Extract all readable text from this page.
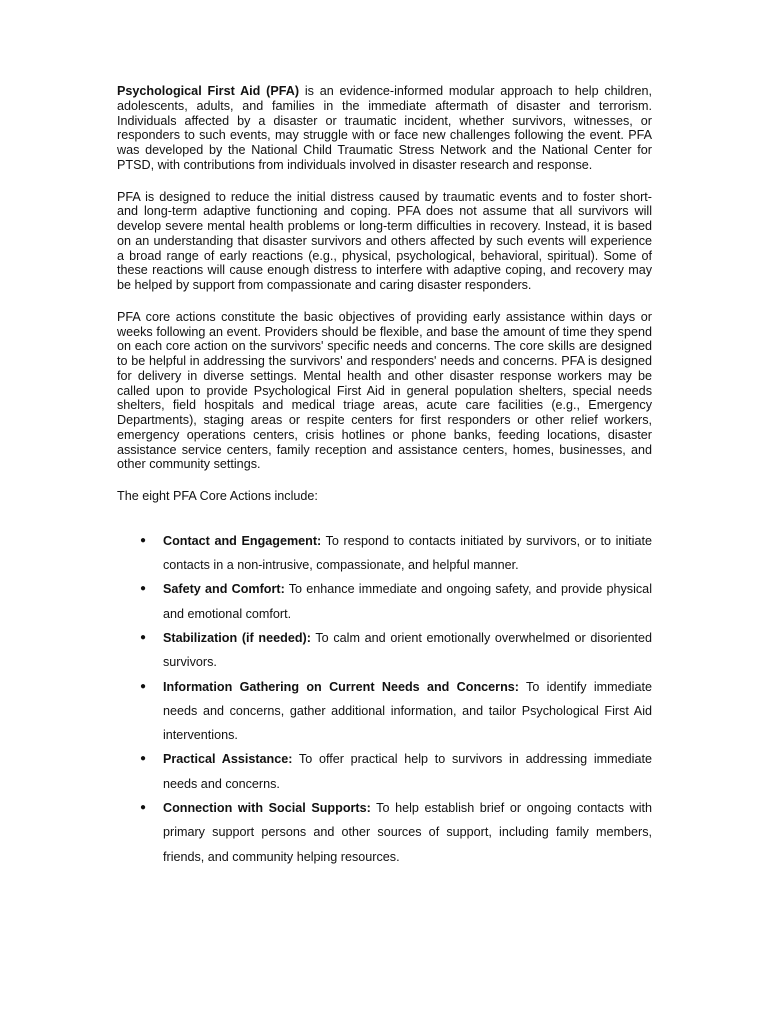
Psychological First Aid (PFA) is an evidence-informed modular approach to help children, adolescents, adults, and families in the immediate aftermath of disaster and terrorism. Individuals affected by a disaster or traumatic incident, whether survivors, witnesses, or responders to such events, may struggle with or face new challenges following the event. PFA was developed by the National Child Traumatic Stress Network and the National Center for PTSD, with contributions from individuals involved in disaster research and response.

PFA is designed to reduce the initial distress caused by traumatic events and to foster short- and long-term adaptive functioning and coping. PFA does not assume that all survivors will develop severe mental health problems or long-term difficulties in recovery. Instead, it is based on an understanding that disaster survivors and others affected by such events will experience a broad range of early reactions (e.g., physical, psychological, behavioral, spiritual). Some of these reactions will cause enough distress to interfere with adaptive coping, and recovery may be helped by support from compassionate and caring disaster responders.

PFA core actions constitute the basic objectives of providing early assistance within days or weeks following an event. Providers should be flexible, and base the amount of time they spend on each core action on the survivors' specific needs and concerns. The core skills are designed to be helpful in addressing the survivors' and responders' needs and concerns. PFA is designed for delivery in diverse settings. Mental health and other disaster response workers may be called upon to provide Psychological First Aid in general population shelters, special needs shelters, field hospitals and medical triage areas, acute care facilities (e.g., Emergency Departments), staging areas or respite centers for first responders or other relief workers, emergency operations centers, crisis hotlines or phone banks, feeding locations, disaster assistance service centers, family reception and assistance centers, homes, businesses, and other community settings.

The eight PFA Core Actions include:

● Contact and Engagement: To respond to contacts initiated by survivors, or to initiate contacts in a non-intrusive, compassionate, and helpful manner.
● Safety and Comfort: To enhance immediate and ongoing safety, and provide physical and emotional comfort.
● Stabilization (if needed): To calm and orient emotionally overwhelmed or disoriented survivors.
● Information Gathering on Current Needs and Concerns: To identify immediate needs and concerns, gather additional information, and tailor Psychological First Aid interventions.
● Practical Assistance: To offer practical help to survivors in addressing immediate needs and concerns.
● Connection with Social Supports: To help establish brief or ongoing contacts with primary support persons and other sources of support, including family members, friends, and community helping resources.
